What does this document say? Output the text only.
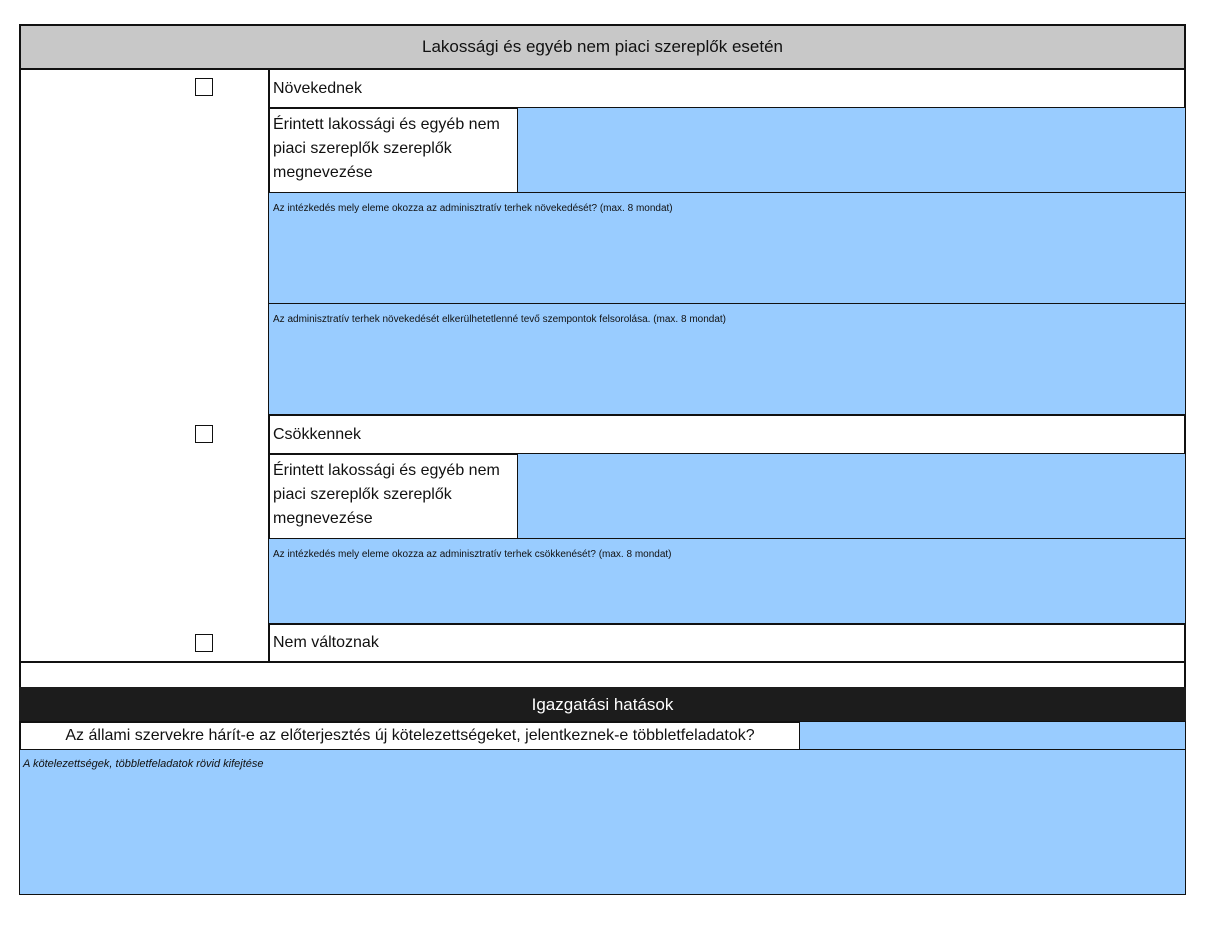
Lakossági és egyéb nem piaci szereplők esetén
Növekednek
Érintett lakossági és egyéb nem piaci szereplők szereplők megnevezése
Az intézkedés mely eleme okozza az adminisztratív terhek növekedését? (max. 8 mondat)
Az adminisztratív terhek növekedését elkerülhetetlenné tevő szempontok felsorolása. (max. 8 mondat)
Csökkennek
Érintett lakossági és egyéb nem piaci szereplők szereplők megnevezése
Az intézkedés mely eleme okozza az adminisztratív terhek csökkenését? (max. 8 mondat)
Nem változnak
Igazgatási hatások
Az állami szervekre hárít-e az előterjesztés új kötelezettségeket, jelentkeznek-e többletfeladatok?
A kötelezettségek, többletfeladatok rövid kifejtése
